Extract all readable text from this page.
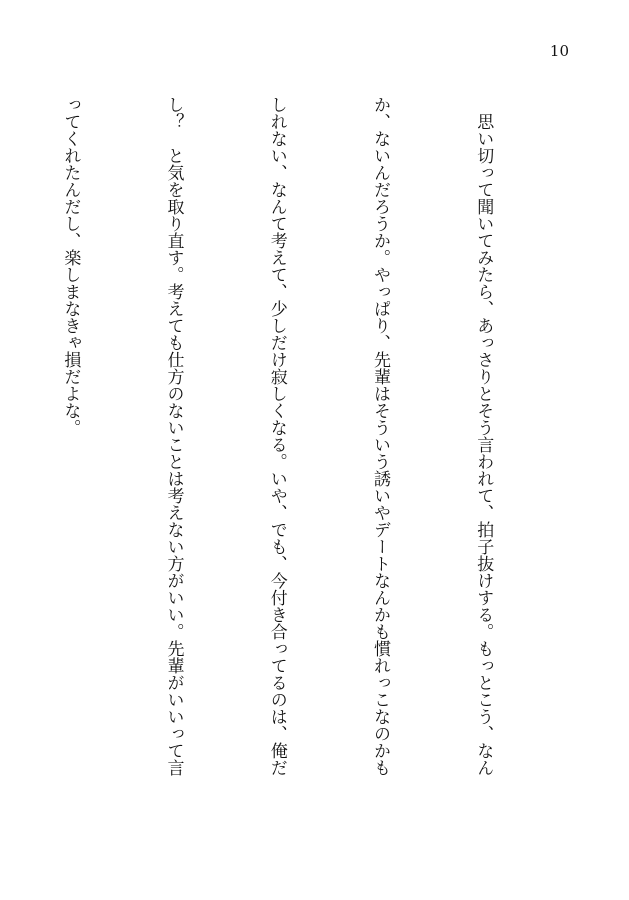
10

　思い切って聞いてみたら、あっさりとそう言われて、拍子抜けする。もっとこう、なん

か、ないんだろうか。やっぱり、先輩はそういう誘いやデートなんかも慣れっこなのかも

しれない、なんて考えて、少しだけ寂しくなる。いや、でも、今付き合ってるのは、俺だ

し？　と気を取り直す。考えても仕方のないことは考えない方がいい。先輩がいいって言

ってくれたんだし、楽しまなきゃ損だよな。
